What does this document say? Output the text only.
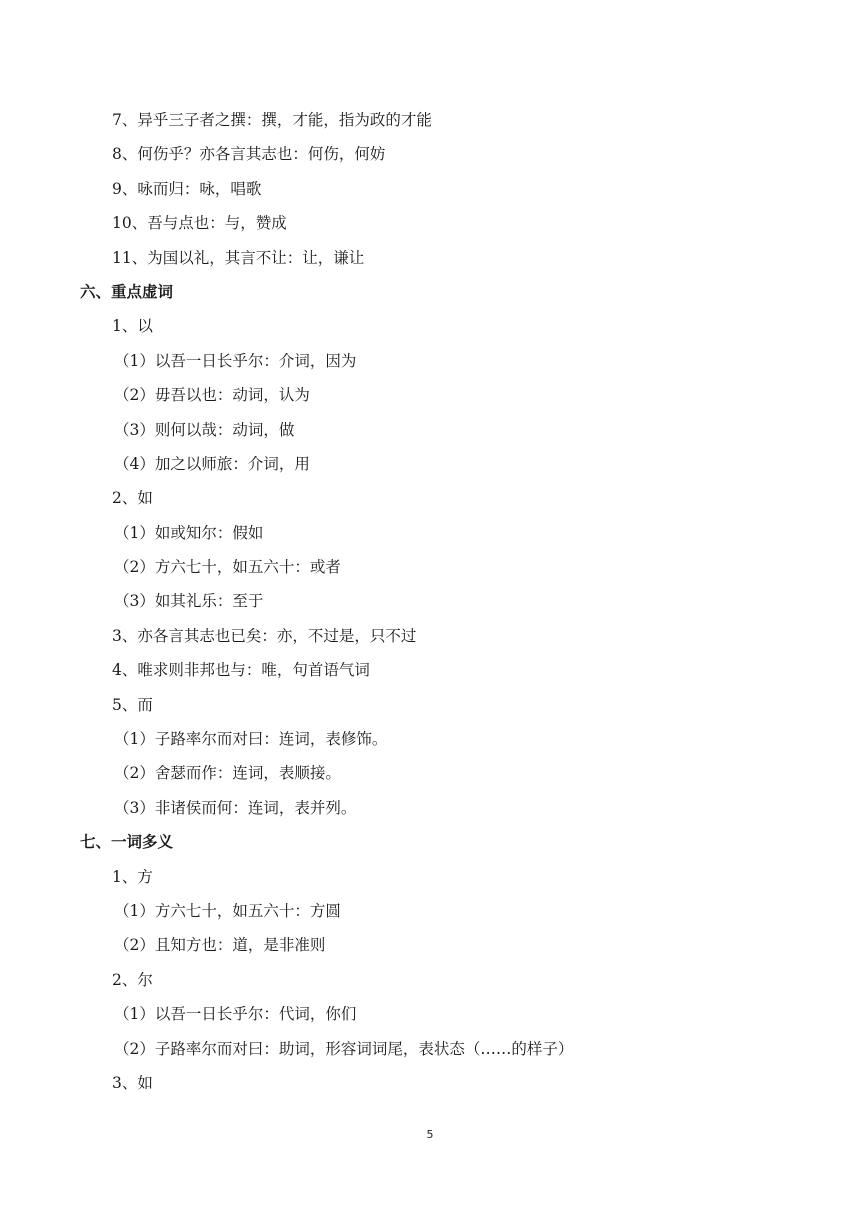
7、异乎三子者之撰：撰，才能，指为政的才能
8、何伤乎？亦各言其志也：何伤，何妨
9、咏而归：咏，唱歌
10、吾与点也：与，赞成
11、为国以礼，其言不让：让，谦让
六、重点虚词
1、以
（1）以吾一日长乎尔：介词，因为
（2）毋吾以也：动词，认为
（3）则何以哉：动词，做
（4）加之以师旅：介词，用
2、如
（1）如或知尔：假如
（2）方六七十，如五六十：或者
（3）如其礼乐：至于
3、亦各言其志也已矣：亦，不过是，只不过
4、唯求则非邦也与：唯，句首语气词
5、而
（1）子路率尔而对曰：连词，表修饰。
（2）舍瑟而作：连词，表顺接。
（3）非诸侯而何：连词，表并列。
七、一词多义
1、方
（1）方六七十，如五六十：方圆
（2）且知方也：道，是非准则
2、尔
（1）以吾一日长乎尔：代词，你们
（2）子路率尔而对曰：助词，形容词词尾，表状态（……的样子）
3、如
5
